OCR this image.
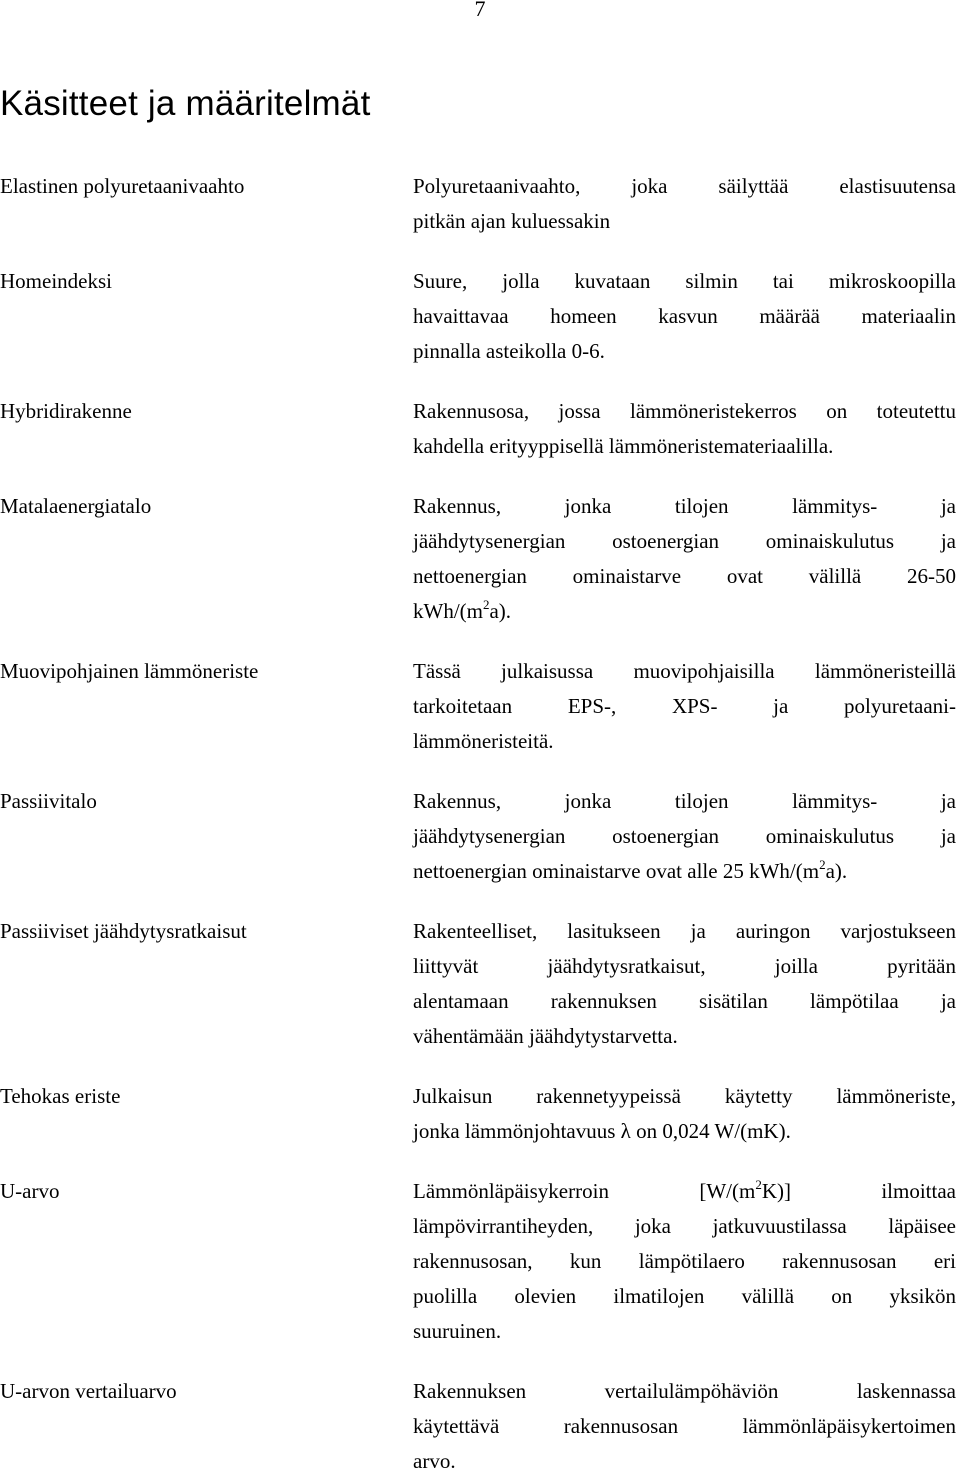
7
Käsitteet ja määritelmät
Elastinen polyuretaanivaahto	Polyuretaanivaahto, joka säilyttää elastisuutensa
pitkän ajan kuluessakin
Homeindeksi	Suure, jolla kuvataan silmin tai mikroskoopilla
havaittavaa homeen kasvun määrää materiaalin
pinnalla asteikolla 0-6.
Hybridirakenne	Rakennusosa, jossa lämmöneristekerros on toteutettu
kahdella erityyppisellä lämmöneristemateriaalilla.
Matalaenergiatalo	Rakennus, jonka tilojen lämmitys- ja
jäähdytysenergian ostoenergian ominaiskulutus ja
nettoenergian ominaistarve ovat välillä 26-50
kWh/$(m^2a)$.
Muovipohjainen lämmöneriste	Tässä julkaisussa muovipohjaisilla lämmöneristeillä
tarkoitetaan EPS-, XPS- ja polyuretaani-
lämmöneristeitä.
Passiivitalo	Rakennus, jonka tilojen lämmitys- ja
jäähdytysenergian ostoenergian ominaiskulutus ja
nettoenergian ominaistarve ovat alle 25 kWh/$(m^2a)$.
Passiiviset jäähdytysratkaisut	Rakenteelliset, lasitukseen ja auringon varjostukseen
liittyvät jäähdytysratkaisut, joilla pyritään
alentamaan rakennuksen sisätilan lämpötilaa ja
vähentämään jäähdytystarvetta.
Tehokas eriste	Julkaisun rakennetyypeissä käytetty lämmöneriste,
jonka lämmönjohtavuus λ on 0,024 W/(mK).
U-arvo	Lämmönläpäisykerroin $[W/(m^2K)]$ ilmoittaa
lämpövirrantiheyden, joka jatkuvuustilassa läpäisee
rakennusosan, kun lämpötilaero rakennusosan eri
puolilla olevien ilmatilojen välillä on yksikön
suuruinen.
U-arvon vertailuarvo	Rakennuksen vertailulämpöhäviön laskennassa
käytettävä rakennusosan lämmönläpäisykertoimen
arvo.
